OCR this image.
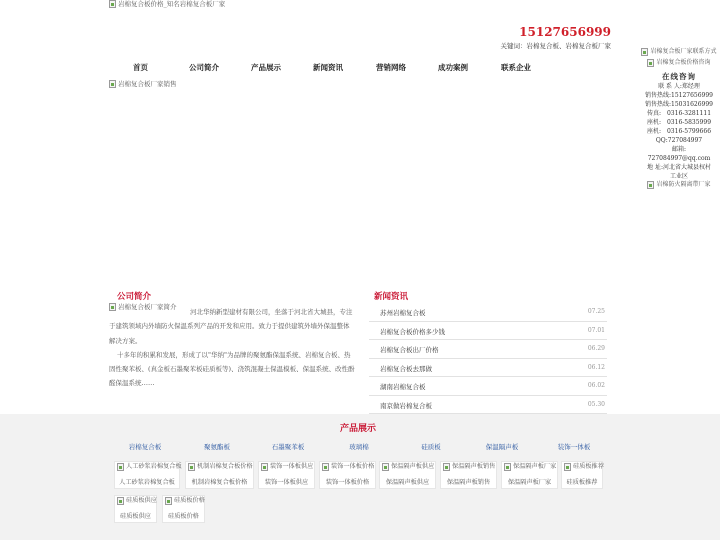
岩棉复合板价格_知名岩棉复合板厂家
15127656999
关键词：岩棉复合板、岩棉复合板厂家
首页	公司简介	产品展示	新闻资讯	营销网络	成功案例	联系企业
岩棉复合板厂家销售
岩棉复合板厂家联系方式

岩棉复合板价格咨询
在线咨询
联 系 人:郑经理
销售热线:15127656999
销售热线:15031626999
传真:　0316-3281111
座机:　0316-5835999
座机:　0316-5799666
QQ:727084997
邮箱:
727084997@qq.com
地 址:河北省大城县权村
工业区
岩棉防火隔离带厂家
公司简介

河北华纳新型建材有限公司，坐落于河北省大城县，专注于建筑领域内外墙防火保温系列产品的开发和应用。致力于提供建筑外墙外保温整体解决方案。

十多年的积累和发展，形成了以"华纳"为品牌的聚氨酯保温系统、岩棉复合板、热固性聚苯板、(真金板石墨聚苯板硅质板等)、浇筑混凝土保温模板、保温系统、改性酚醛保温系统……

岩棉复合板厂家简介
新闻资讯
苏州岩棉复合板	07.25
岩棉复合板价格多少钱	07.01
岩棉复合板出厂价格	06.29
岩棉复合板去那做	06.12
湖南岩棉复合板	06.02
南京做岩棉复合板	05.30
产品展示
岩棉复合板	聚氨酯板	石墨聚苯板	玻璃棉	硅质板	保温隔声板	装饰一体板
人工砂浆岩棉复合板
人工砂浆岩棉复合板
机制岩棉复合板价格
机制岩棉复合板价格
装饰一体板供应
装饰一体板供应
装饰一体板价格
装饰一体板价格
保温隔声板供应
保温隔声板供应
保温隔声板销售
保温隔声板销售
保温隔声板厂家
保温隔声板厂家
硅质板推荐
硅质板推荐
硅质板供应
硅质板供应
硅质板价格
硅质板价格
